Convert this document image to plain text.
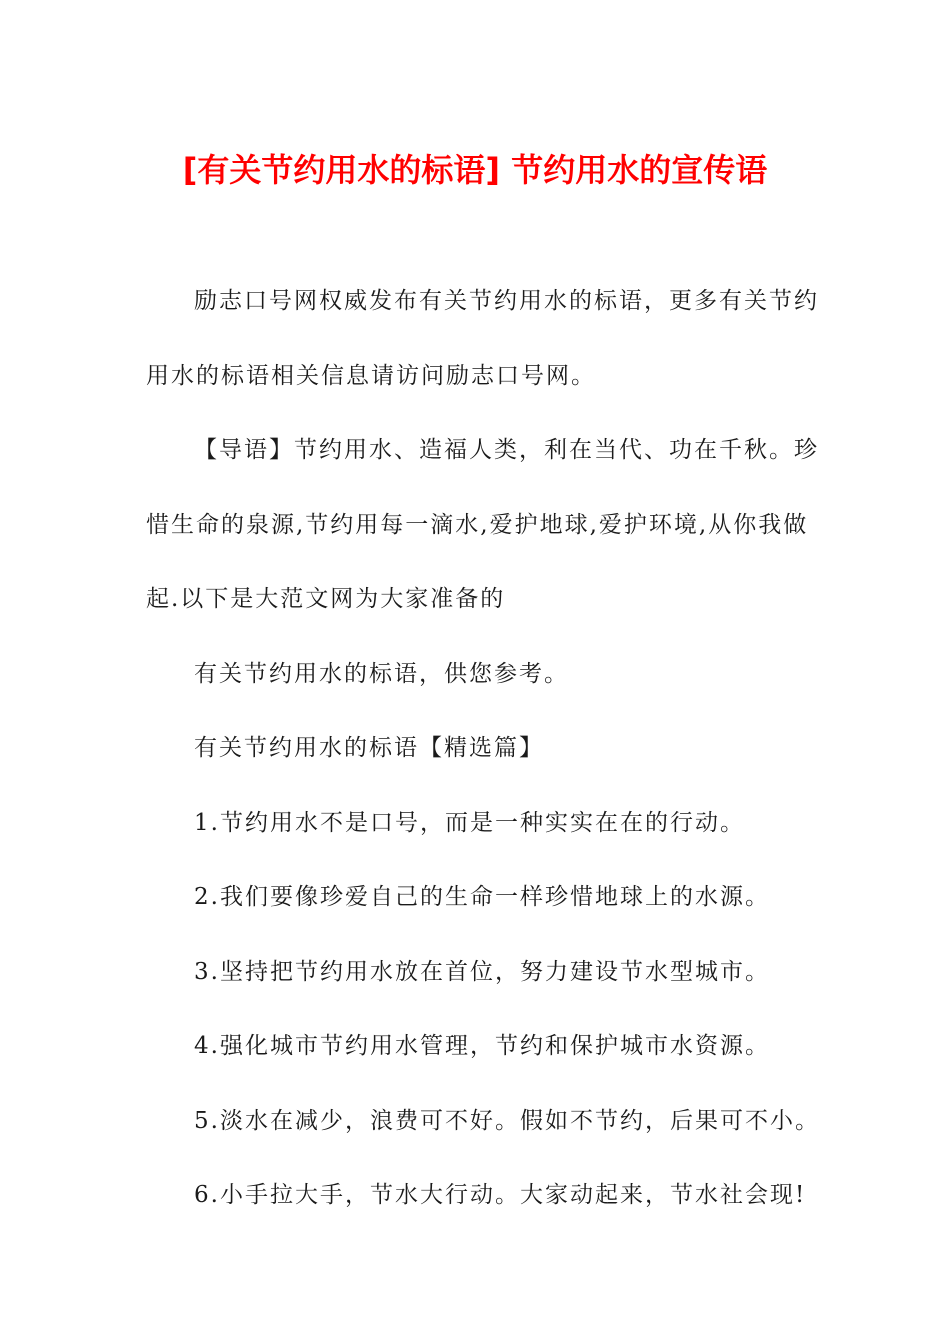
[有关节约用水的标语] 节约用水的宣传语
励志口号网权威发布有关节约用水的标语，更多有关节约
用水的标语相关信息请访问励志口号网。
【导语】节约用水、造福人类，利在当代、功在千秋。珍
惜生命的泉源,节约用每一滴水,爱护地球,爱护环境,从你我做
起.以下是大范文网为大家准备的
有关节约用水的标语，供您参考。
有关节约用水的标语【精选篇】
1.节约用水不是口号，而是一种实实在在的行动。
2.我们要像珍爱自己的生命一样珍惜地球上的水源。
3.坚持把节约用水放在首位，努力建设节水型城市。
4.强化城市节约用水管理，节约和保护城市水资源。
5.淡水在减少，浪费可不好。假如不节约，后果可不小。
6.小手拉大手，节水大行动。大家动起来，节水社会现!
